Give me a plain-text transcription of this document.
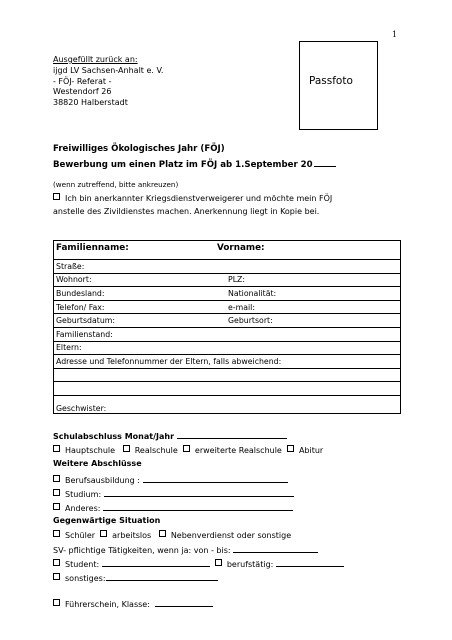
1
Ausgefüllt zurück an:
ijgd LV Sachsen-Anhalt e. V.
- FÖJ- Referat -
Westendorf 26
38820 Halberstadt
Passfoto
Freiwilliges Ökologisches Jahr (FÖJ)
Bewerbung um einen Platz im FÖJ ab 1.September 20
(wenn zutreffend, bitte ankreuzen)
Ich bin anerkannter Kriegsdienstverweigerer und möchte mein FÖJ
anstelle des Zivildienstes machen. Anerkennung liegt in Kopie bei.
Familienname:	Vorname:

Straße:

Wohnort:	PLZ:

Bundesland:	Nationalität:

Telefon/ Fax:	e-mail:

Geburtsdatum:	Geburtsort:

Familienstand:
Eltern:
Adresse und Telefonnummer der Eltern, falls abweichend:

Geschwister:
Schulabschluss Monat/Jahr
Hauptschule Realschule erweiterte Realschule Abitur
Weitere Abschlüsse
Berufsausbildung :
Studium:
Anderes:
Gegenwärtige Situation
Schüler arbeitslos Nebenverdienst oder sonstige
SV- pflichtige Tätigkeiten, wenn ja: von - bis:
Student:	berufstätig:
sonstiges:
Führerschein, Klasse:
